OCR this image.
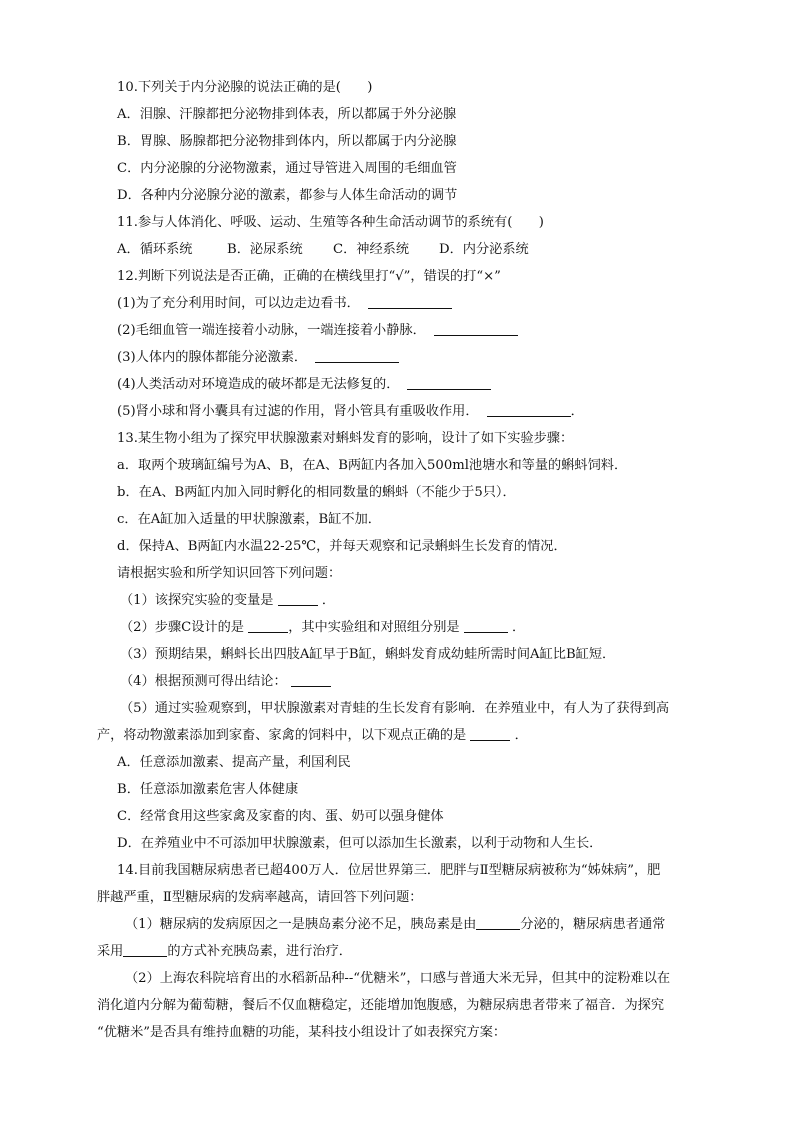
10.下列关于内分泌腺的说法正确的是(　　)
A．泪腺、汗腺都把分泌物排到体表，所以都属于外分泌腺
B．胃腺、肠腺都把分泌物排到体内，所以都属于内分泌腺
C．内分泌腺的分泌物激素，通过导管进入周围的毛细血管
D．各种内分泌腺分泌的激素，都参与人体生命活动的调节
11.参与人体消化、呼吸、运动、生殖等各种生命活动调节的系统有(　　)
A．循环系统	B．泌尿系统 C．神经系统 D．内分泌系统
12.判断下列说法是否正确，正确的在横线里打“√”，错误的打“×”
(1)为了充分利用时间，可以边走边看书．
(2)毛细血管一端连接着小动脉，一端连接着小静脉．
(3)人体内的腺体都能分泌激素．
(4)人类活动对环境造成的破坏都是无法修复的．
(5)肾小球和肾小囊具有过滤的作用，肾小管具有重吸收作用．	．
13.某生物小组为了探究甲状腺激素对蝌蚪发育的影响，设计了如下实验步骤：
a．取两个玻璃缸编号为A、B，在A、B两缸内各加入500ml池塘水和等量的蝌蚪饲料．
b．在A、B两缸内加入同时孵化的相同数量的蝌蚪（不能少于5只）．
c．在A缸加入适量的甲状腺激素，B缸不加．
d．保持A、B两缸内水温22-25℃，并每天观察和记录蝌蚪生长发育的情况．
请根据实验和所学知识回答下列问题：
（1）该探究实验的变量是	．
（2）步骤C设计的是	，其中实验组和对照组分别是	．
（3）预期结果，蝌蚪长出四肢A缸早于B缸，蝌蚪发育成幼蛙所需时间A缸比B缸短．
（4）根据预测可得出结论：
（5）通过实验观察到，甲状腺激素对青蛙的生长发育有影响．在养殖业中，有人为了获得到高
产，将动物激素添加到家畜、家禽的饲料中，以下观点正确的是	．
A．任意添加激素、提高产量，利国利民
B．任意添加激素危害人体健康
C．经常食用这些家禽及家畜的肉、蛋、奶可以强身健体
D．在养殖业中不可添加甲状腺激素，但可以添加生长激素，以利于动物和人生长．
14.目前我国糖尿病患者已超400万人．位居世界第三．肥胖与Ⅱ型糖尿病被称为“姊妹病”，肥
胖越严重，Ⅱ型糖尿病的发病率越高，请回答下列问题：
（1）糖尿病的发病原因之一是胰岛素分泌不足，胰岛素是由	分泌的，糖尿病患者通常
采用	的方式补充胰岛素，进行治疗．
（2）上海农科院培育出的水稻新品种--“优糖米”，口感与普通大米无异，但其中的淀粉难以在
消化道内分解为葡萄糖，餐后不仅血糖稳定，还能增加饱腹感，为糖尿病患者带来了福音．为探究
“优糖米”是否具有维持血糖的功能，某科技小组设计了如表探究方案：
